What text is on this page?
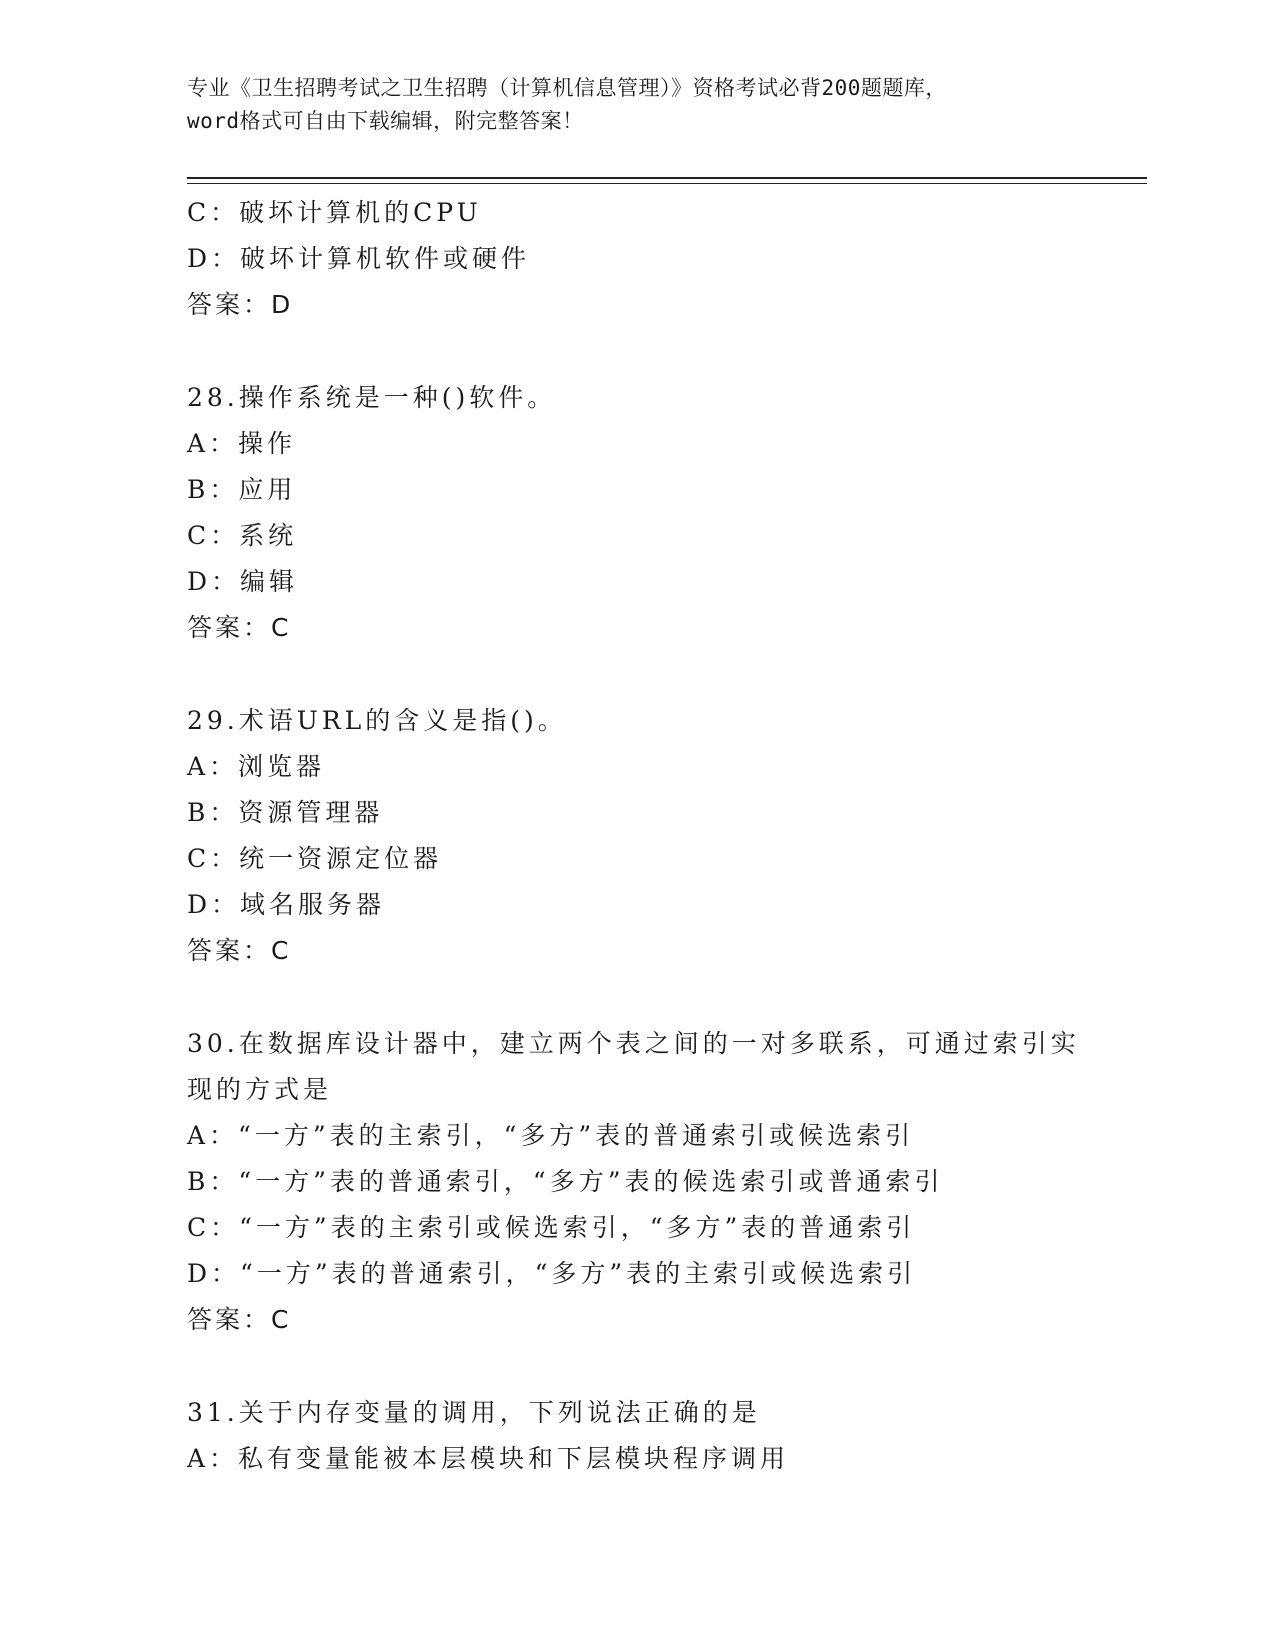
专业《卫生招聘考试之卫生招聘（计算机信息管理）》资格考试必背200题题库，
word格式可自由下载编辑，附完整答案！
C：破坏计算机的CPU
D：破坏计算机软件或硬件
答案：D
28.操作系统是一种()软件。
A：操作
B：应用
C：系统
D：编辑
答案：C
29.术语URL的含义是指()。
A：浏览器
B：资源管理器
C：统一资源定位器
D：域名服务器
答案：C
30.在数据库设计器中，建立两个表之间的一对多联系，可通过索引实
现的方式是
A：“一方”表的主索引，“多方”表的普通索引或候选索引
B：“一方”表的普通索引，“多方”表的候选索引或普通索引
C：“一方”表的主索引或候选索引，“多方”表的普通索引
D：“一方”表的普通索引，“多方”表的主索引或候选索引
答案：C
31.关于内存变量的调用，下列说法正确的是
A：私有变量能被本层模块和下层模块程序调用
